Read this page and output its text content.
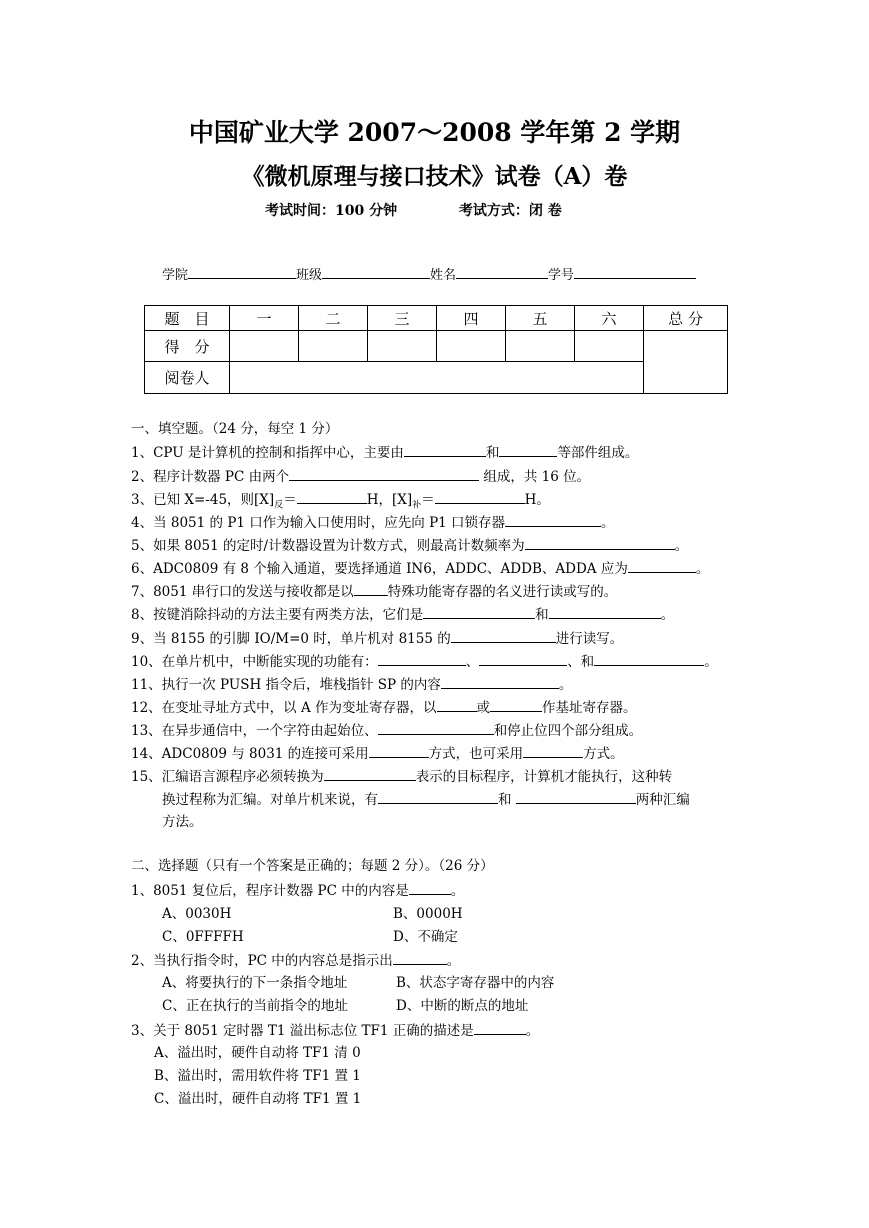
中国矿业大学 2007～2008 学年第 2 学期
《微机原理与接口技术》试卷（A）卷
考试时间：100 分钟	考试方式：闭 卷
学院	班级	姓名	学号
题　目	一	二	三	四	五	六	总 分
得　分							
阅卷人							
一、填空题。（24 分，每空 1 分）
1、CPU 是计算机的控制和指挥中心，主要由	和	等部件组成。
2、程序计数器 PC 由两个	组成，共 16 位。
3、已知 X=-45，则$[X]_反=$	H，$[X]_补=$	H。
4、当 8051 的 P1 口作为输入口使用时，应先向 P1 口锁存器	。
5、如果 8051 的定时/计数器设置为计数方式，则最高计数频率为	。
6、ADC0809 有 8 个输入通道，要选择通道 IN6，ADDC、ADDB、ADDA 应为	。
7、8051 串行口的发送与接收都是以	特殊功能寄存器的名义进行读或写的。
8、按键消除抖动的方法主要有两类方法，它们是	和	。
9、当 8155 的引脚 IO/M=0 时，单片机对 8155 的	进行读写。
10、在单片机中，中断能实现的功能有：	、	、和	。
11、执行一次 PUSH 指令后，堆栈指针 SP 的内容	。
12、在变址寻址方式中，以 A 作为变址寄存器，以	或	作基址寄存器。
13、在异步通信中，一个字符由起始位、	和停止位四个部分组成。
14、ADC0809 与 8031 的连接可采用	方式，也可采用	方式。
15、汇编语言源程序必须转换为	表示的目标程序，计算机才能执行，这种转
换过程称为汇编。对单片机来说，有	和	两种汇编
方法。
二、选择题（只有一个答案是正确的；每题 2 分）。（26 分）
1、8051 复位后，程序计数器 PC 中的内容是	。
A、0030H	B、0000H
C、0FFFFH	D、不确定
2、当执行指令时，PC 中的内容总是指示出	。
A、将要执行的下一条指令地址	B、状态字寄存器中的内容
C、正在执行的当前指令的地址	D、中断的断点的地址
3、关于 8051 定时器 T1 溢出标志位 TF1 正确的描述是	。
A、溢出时，硬件自动将 TF1 清 0
B、溢出时，需用软件将 TF1 置 1
C、溢出时，硬件自动将 TF1 置 1
